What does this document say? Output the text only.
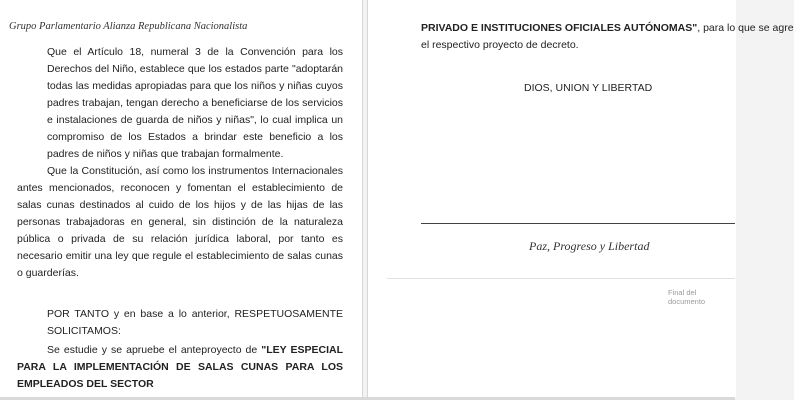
Grupo Parlamentario Alianza Republicana Nacionalista

Que el Artículo 18, numeral 3 de la Convención para los Derechos del Niño, establece que los estados parte "adoptarán todas las medidas apropiadas para que los niños y niñas cuyos padres trabajan, tengan derecho a beneficiarse de los servicios e instalaciones de guarda de niños y niñas", lo cual implica un compromiso de los Estados a brindar este beneficio a los padres de niños y niñas que trabajan formalmente.

Que la Constitución, así como los instrumentos Internacionales antes mencionados, reconocen y fomentan el establecimiento de salas cunas destinados al cuido de los hijos y de las hijas de las personas trabajadoras en general, sin distinción de la naturaleza pública o privada de su relación jurídica laboral, por tanto es necesario emitir una ley que regule el establecimiento de salas cunas o guarderías.

POR TANTO y en base a lo anterior, RESPETUOSAMENTE SOLICITAMOS:

Se estudie y se apruebe el anteproyecto de "LEY ESPECIAL PARA LA IMPLEMENTACIÓN DE SALAS CUNAS PARA LOS EMPLEADOS DEL SECTOR

PRIVADO E INSTITUCIONES OFICIALES AUTÓNOMAS", para lo que se agre
el respectivo proyecto de decreto.
DIOS, UNION Y LIBERTAD
Paz, Progreso y Libertad
Final del documento
